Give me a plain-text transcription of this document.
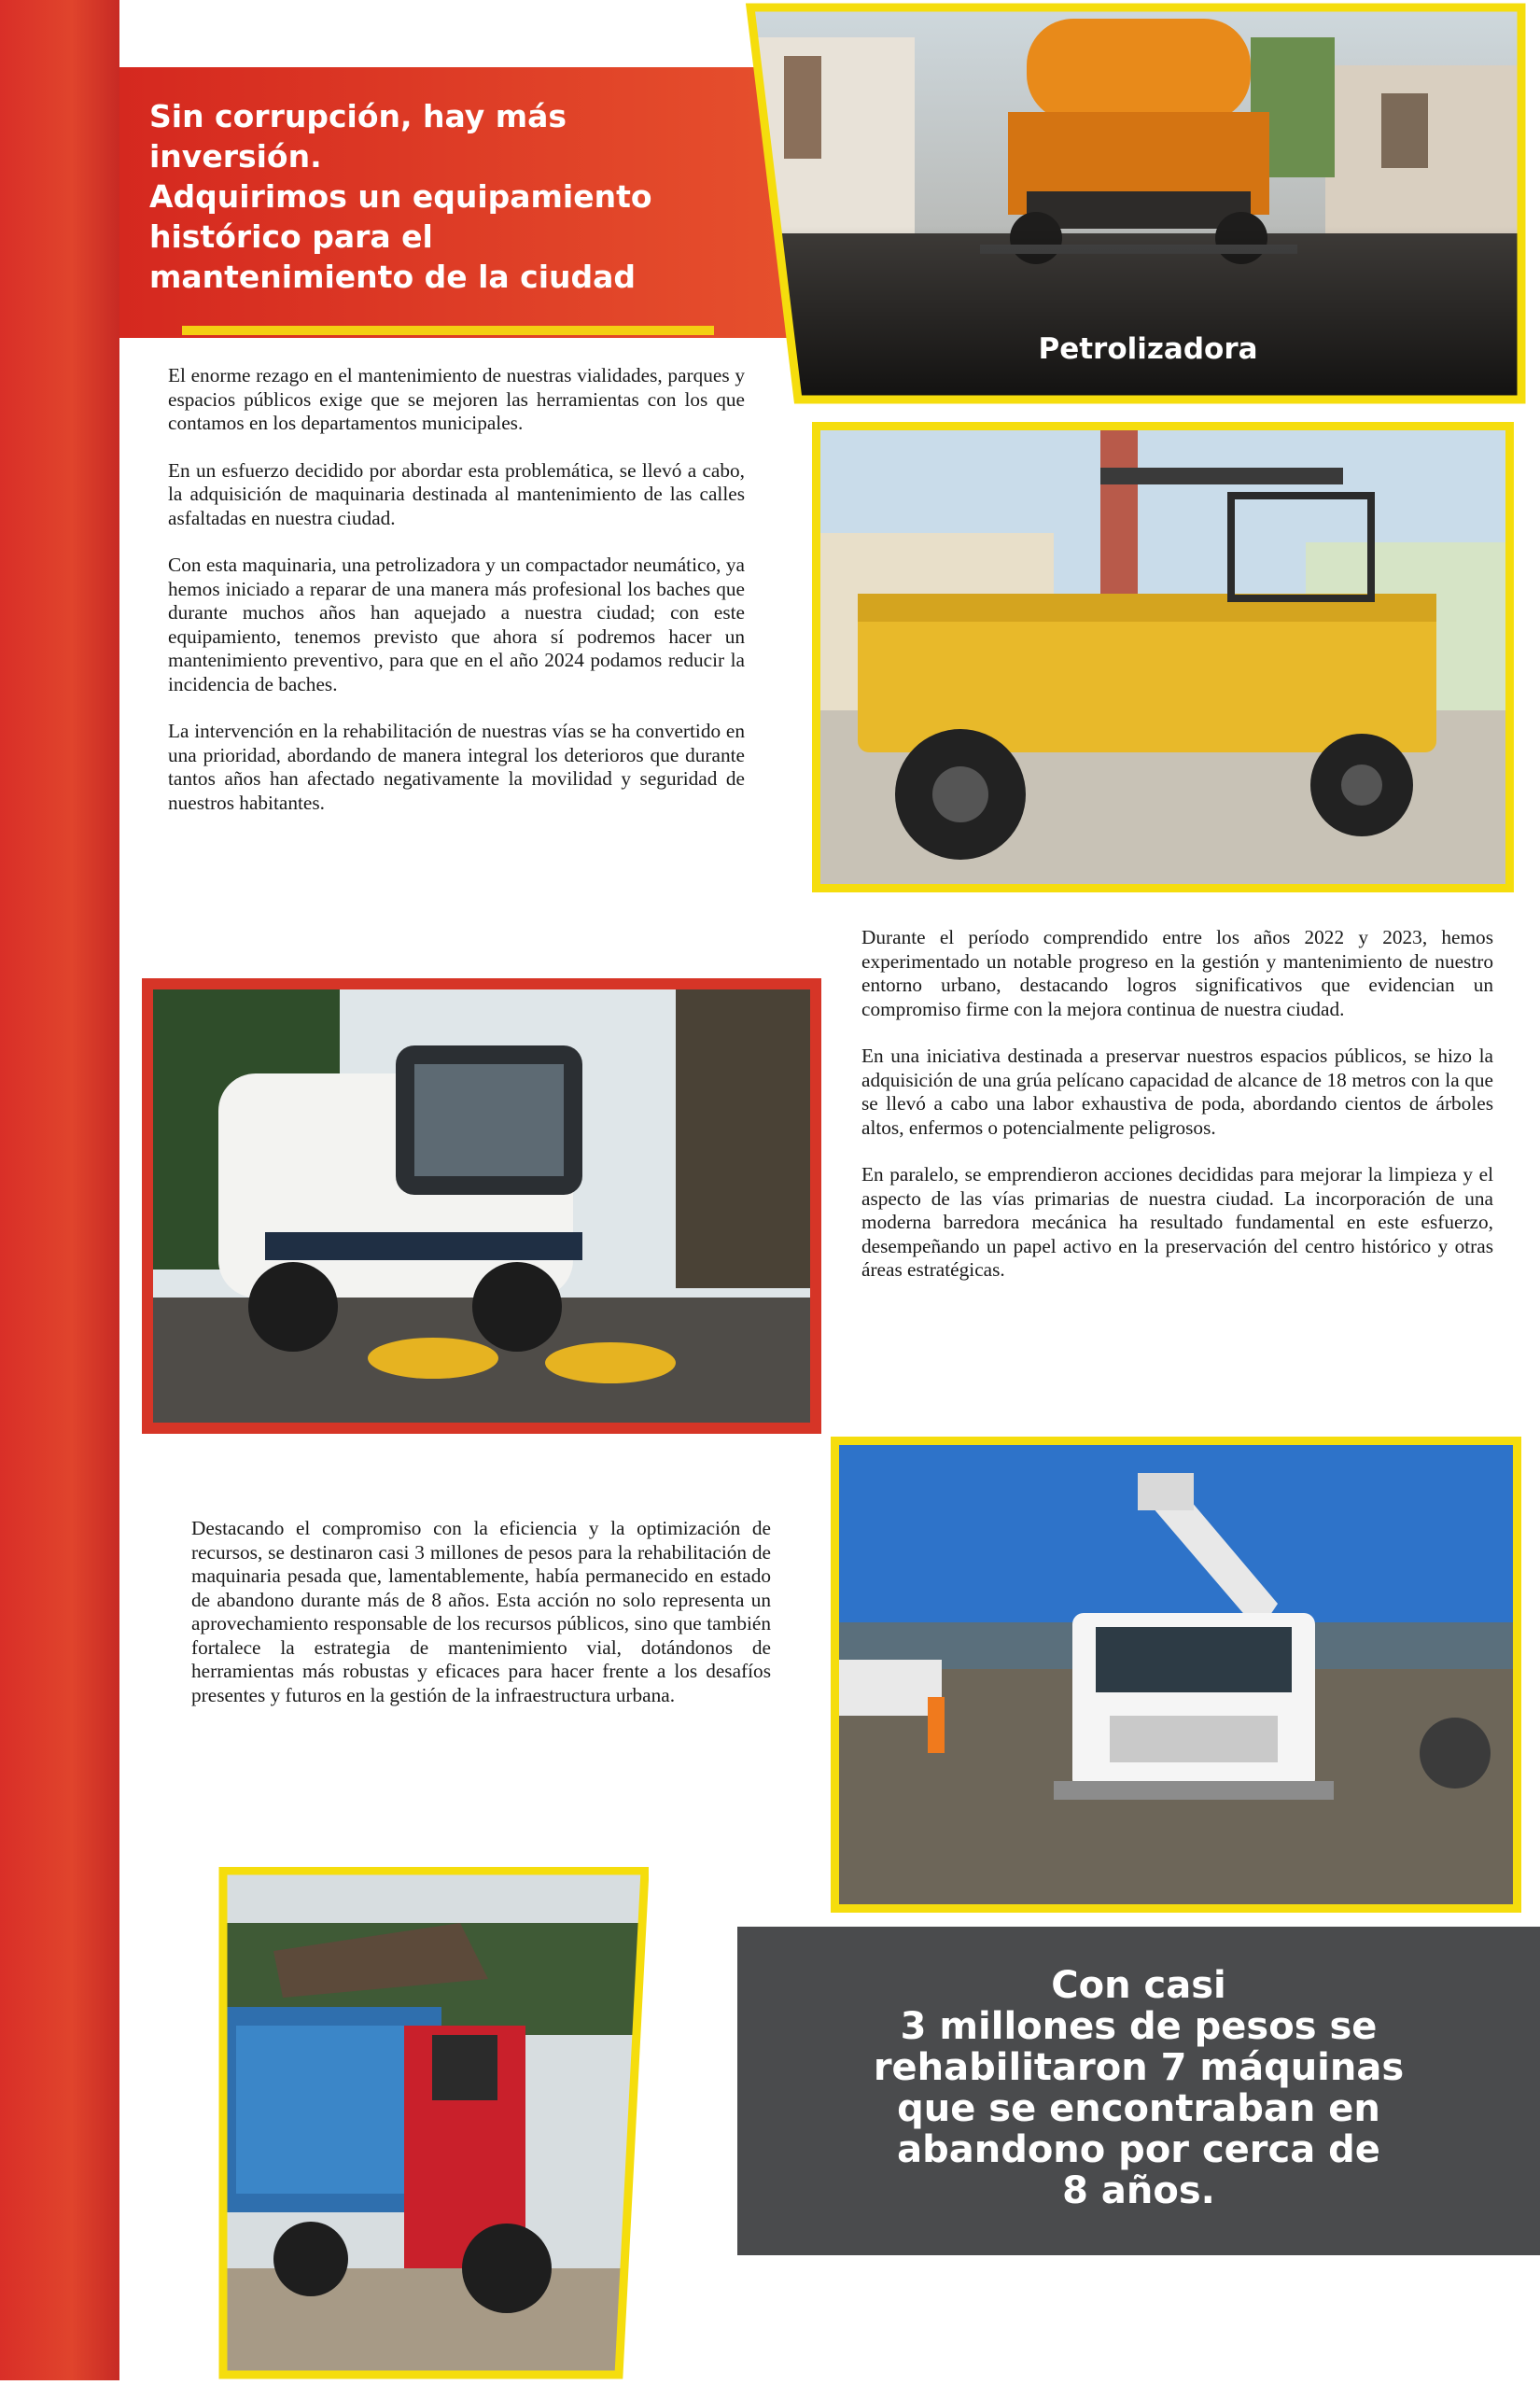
Sin corrupción, hay más
inversión.
Adquirimos un equipamiento
histórico para el
mantenimiento de la ciudad
Petrolizadora

El enorme rezago en el mantenimiento de nuestras vialidades, parques y espacios públicos exige que se mejoren las herramientas con los que contamos en los departamentos municipales.

En un esfuerzo decidido por abordar esta problemática, se llevó a cabo, la adquisición de maquinaria destinada al mantenimiento de las calles asfaltadas en nuestra ciudad.

Con esta maquinaria, una petrolizadora y un compactador neumático, ya hemos iniciado a reparar de una manera más profesional los baches que durante muchos años han aquejado a nuestra ciudad; con este equipamiento, tenemos previsto que ahora sí podremos hacer un mantenimiento preventivo, para que en el año 2024 podamos reducir la incidencia de baches.

La intervención en la rehabilitación de nuestras vías se ha convertido en una prioridad, abordando de manera integral los deterioros que durante tantos años han afectado negativamente la movilidad y seguridad de nuestros habitantes.

Durante el período comprendido entre los años 2022 y 2023, hemos experimentado un notable progreso en la gestión y mantenimiento de nuestro entorno urbano, destacando logros significativos que evidencian un compromiso firme con la mejora continua de nuestra ciudad.

En una iniciativa destinada a preservar nuestros espacios públicos, se hizo la adquisición de una grúa pelícano capacidad de alcance de 18 metros con la que se llevó a cabo una labor exhaustiva de poda, abordando cientos de árboles altos, enfermos o potencialmente peligrosos.

En paralelo, se emprendieron acciones decididas para mejorar la limpieza y el aspecto de las vías primarias de nuestra ciudad. La incorporación de una moderna barredora mecánica ha resultado fundamental en este esfuerzo, desempeñando un papel activo en la preservación del centro histórico y otras áreas estratégicas.

Destacando el compromiso con la eficiencia y la optimización de recursos, se destinaron casi 3 millones de pesos para la rehabilitación de maquinaria pesada que, lamentablemente, había permanecido en estado de abandono durante más de 8 años. Esta acción no solo representa un aprovechamiento responsable de los recursos públicos, sino que también fortalece la estrategia de mantenimiento vial, dotándonos de herramientas más robustas y eficaces para hacer frente a los desafíos presentes y futuros en la gestión de la infraestructura urbana.

Con casi
3 millones de pesos se
rehabilitaron 7 máquinas
que se encontraban en
abandono por cerca de
8 años.
